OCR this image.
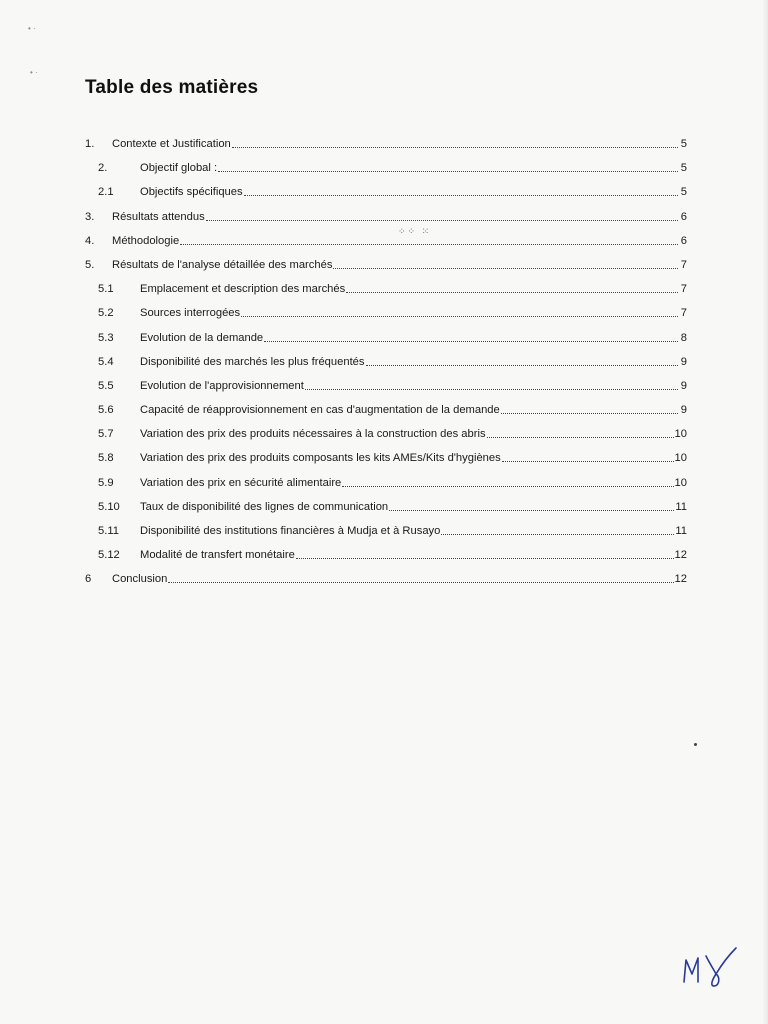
• ·
• ·
Table des matières
1.	Contexte et Justification	5
2.	Objectif global :	5
2.1	Objectifs spécifiques	5
3.	Résultats attendus	6
4.	Méthodologie	6
5.	Résultats de l'analyse détaillée des marchés	7
5.1	Emplacement et description des marchés	7
5.2	Sources interrogées	7
5.3	Evolution de la demande	8
5.4	Disponibilité des marchés les plus fréquentés	9
5.5	Evolution de l'approvisionnement	9
5.6	Capacité de réapprovisionnement en cas d'augmentation de la demande	9
5.7	Variation des prix des produits nécessaires à la construction des abris	10
5.8	Variation des prix des produits composants les kits AMEs/Kits d'hygiènes	10
5.9	Variation des prix en sécurité alimentaire	10
5.10	Taux de disponibilité des lignes de communication	11
5.11	Disponibilité des institutions financières à Mudja et à Rusayo	11
5.12	Modalité de transfert monétaire	12
6	Conclusion	12
⁘⁘ ⁙
